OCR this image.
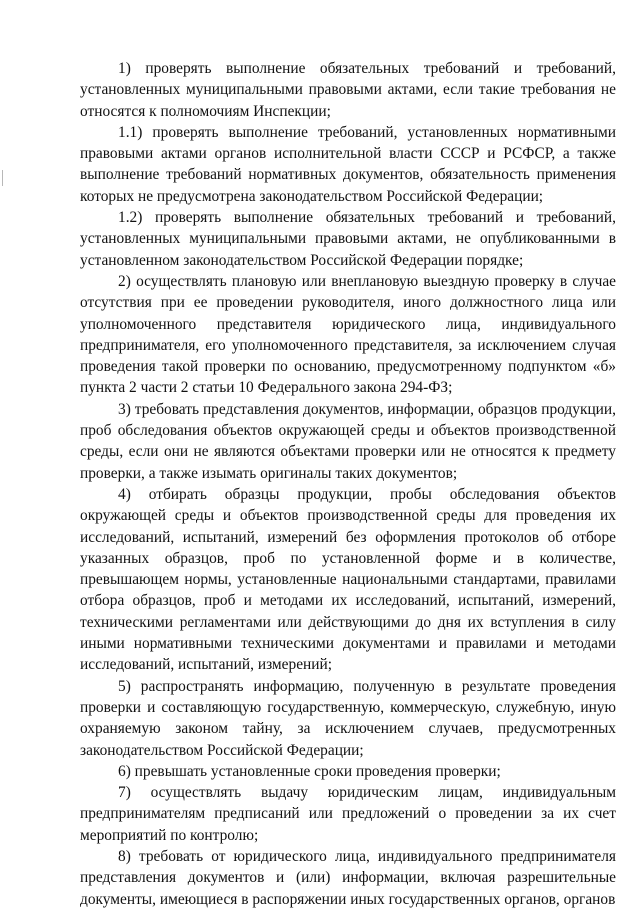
1) проверять выполнение обязательных требований и требований, установленных муниципальными правовыми актами, если такие требования не относятся к полномочиям Инспекции;

1.1) проверять выполнение требований, установленных нормативными правовыми актами органов исполнительной власти СССР и РСФСР, а также выполнение требований нормативных документов, обязательность применения которых не предусмотрена законодательством Российской Федерации;

1.2) проверять выполнение обязательных требований и требований, установленных муниципальными правовыми актами, не опубликованными в установленном законодательством Российской Федерации порядке;

2) осуществлять плановую или внеплановую выездную проверку в случае отсутствия при ее проведении руководителя, иного должностного лица или уполномоченного представителя юридического лица, индивидуального предпринимателя, его уполномоченного представителя, за исключением случая проведения такой проверки по основанию, предусмотренному подпунктом «б» пункта 2 части 2 статьи 10 Федерального закона 294-ФЗ;

3) требовать представления документов, информации, образцов продукции, проб обследования объектов окружающей среды и объектов производственной среды, если они не являются объектами проверки или не относятся к предмету проверки, а также изымать оригиналы таких документов;

4) отбирать образцы продукции, пробы обследования объектов окружающей среды и объектов производственной среды для проведения их исследований, испытаний, измерений без оформления протоколов об отборе указанных образцов, проб по установленной форме и в количестве, превышающем нормы, установленные национальными стандартами, правилами отбора образцов, проб и методами их исследований, испытаний, измерений, техническими регламентами или действующими до дня их вступления в силу иными нормативными техническими документами и правилами и методами исследований, испытаний, измерений;

5) распространять информацию, полученную в результате проведения проверки и составляющую государственную, коммерческую, служебную, иную охраняемую законом тайну, за исключением случаев, предусмотренных законодательством Российской Федерации;

6) превышать установленные сроки проведения проверки;

7) осуществлять выдачу юридическим лицам, индивидуальным предпринимателям предписаний или предложений о проведении за их счет мероприятий по контролю;

8) требовать от юридического лица, индивидуального предпринимателя представления документов и (или) информации, включая разрешительные документы, имеющиеся в распоряжении иных государственных органов, органов
